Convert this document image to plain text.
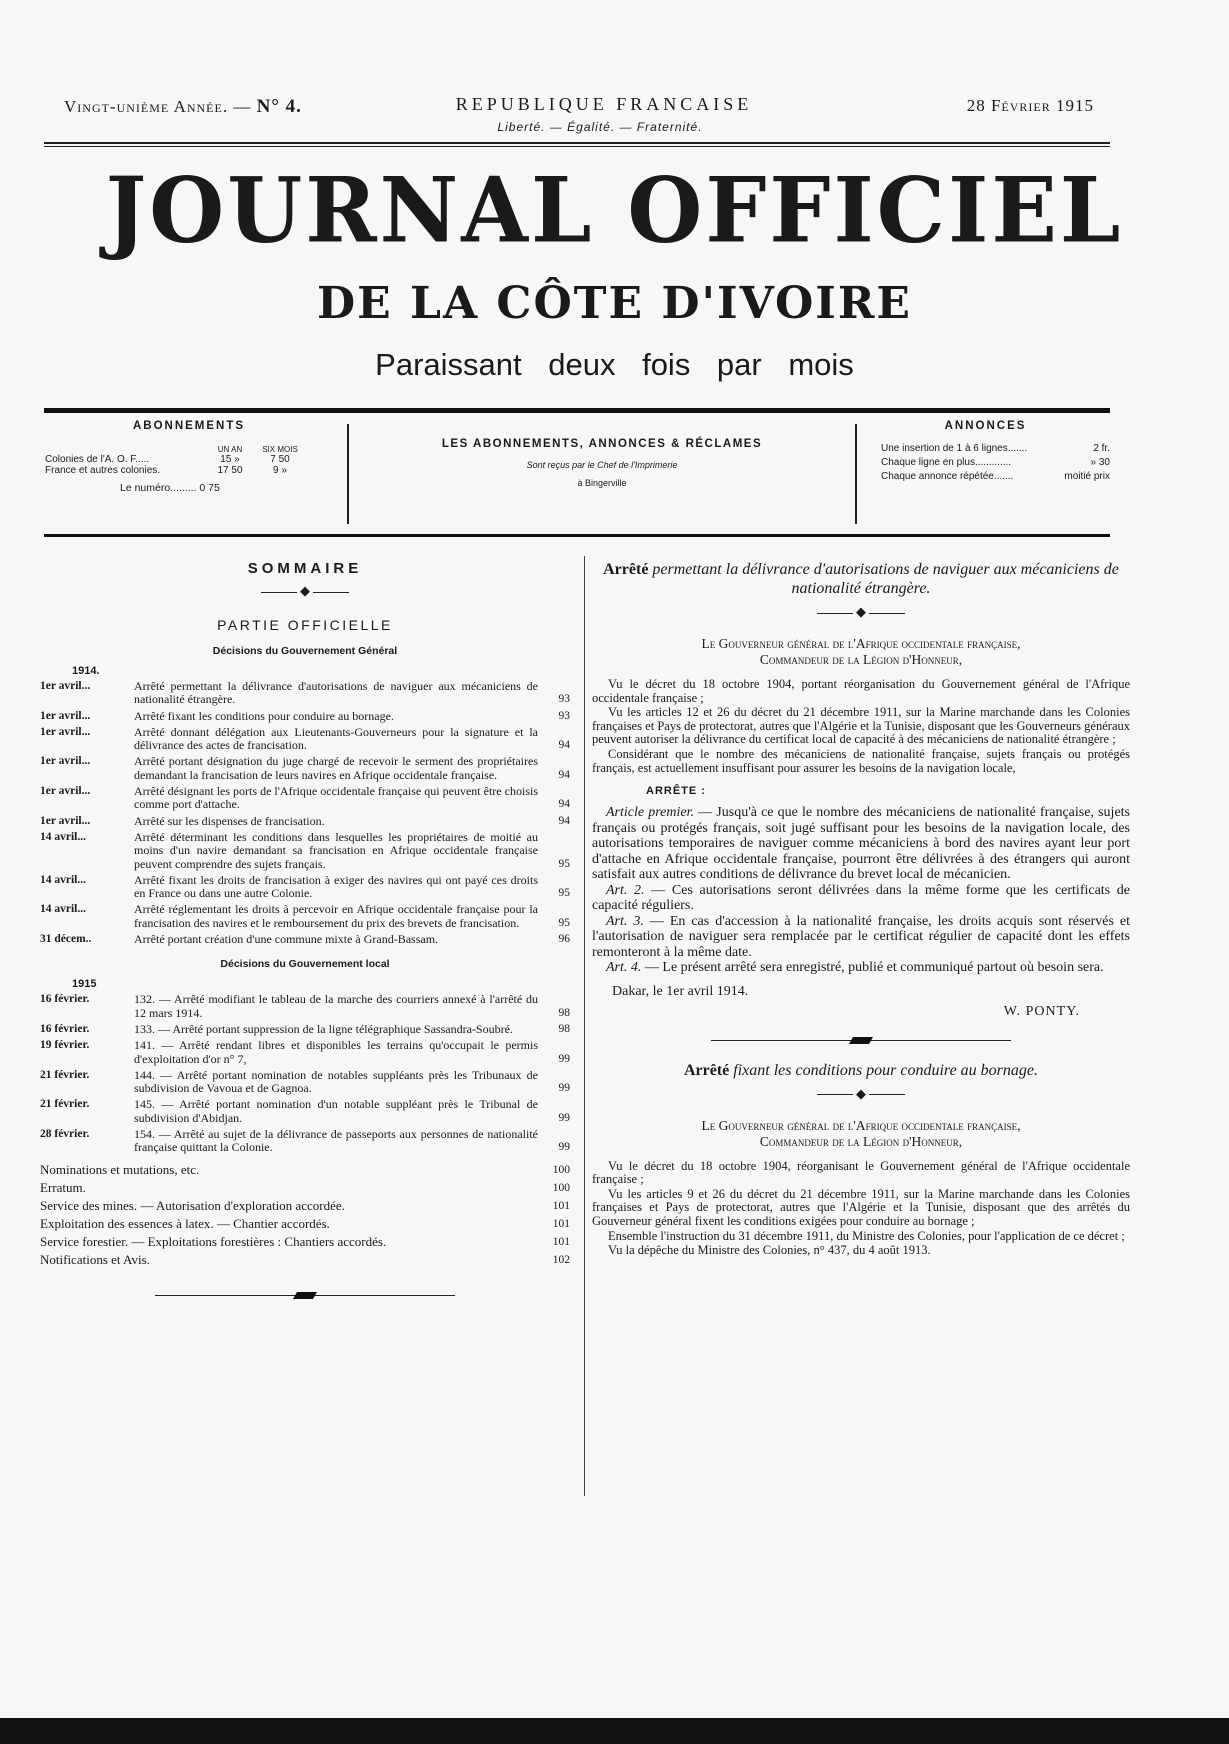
Vingt-unième Année. — N° 4.	REPUBLIQUE FRANCAISE	28 Février 1915
Liberté. — Égalité. — Fraternité.
JOURNAL OFFICIEL
DE LA CÔTE D'IVOIRE
Paraissant deux fois par mois
ABONNEMENTS
UN AN	SIX MOIS
Colonies de l'A. O. F.....	15 »	7 50
France et autres colonies.	17 50	9 »
Le numéro......... 0 75
LES ABONNEMENTS, ANNONCES & RÉCLAMES
Sont reçus par le Chef de l'Imprimerie
à Bingerville
ANNONCES
Une insertion de 1 à 6 lignes.......	2 fr.
Chaque ligne en plus.............	» 30
Chaque annonce répétée.......	moitié prix
SOMMAIRE
◆
PARTIE OFFICIELLE
Décisions du Gouvernement Général
1914.
1er avril...	Arrêté permettant la délivrance d'autorisations de naviguer aux mécaniciens de nationalité étrangère.	93
1er avril...	Arrêté fixant les conditions pour conduire au bornage.	93
1er avril...	Arrêté donnant délégation aux Lieutenants-Gouverneurs pour la signature et la délivrance des actes de francisation.	94
1er avril...	Arrêté portant désignation du juge chargé de recevoir le serment des propriétaires demandant la francisation de leurs navires en Afrique occidentale française.	94
1er avril...	Arrêté désignant les ports de l'Afrique occidentale française qui peuvent être choisis comme port d'attache.	94
1er avril...	Arrêté sur les dispenses de francisation.	94
14 avril...	Arrêté déterminant les conditions dans lesquelles les propriétaires de moitié au moins d'un navire demandant sa francisation en Afrique occidentale française peuvent comprendre des sujets français.	95
14 avril...	Arrêté fixant les droits de francisation à exiger des navires qui ont payé ces droits en France ou dans une autre Colonie.	95
14 avril...	Arrêté réglementant les droits à percevoir en Afrique occidentale française pour la francisation des navires et le remboursement du prix des brevets de francisation.	95
31 décem..	Arrêté portant création d'une commune mixte à Grand-Bassam.	96
Décisions du Gouvernement local
1915
16 février.	132. — Arrêté modifiant le tableau de la marche des courriers annexé à l'arrêté du 12 mars 1914.	98
16 février.	133. — Arrêté portant suppression de la ligne télégraphique Sassandra-Soubré.	98
19 février.	141. — Arrêté rendant libres et disponibles les terrains qu'occupait le permis d'exploitation d'or n° 7,	99
21 février.	144. — Arrêté portant nomination de notables suppléants près les Tribunaux de subdivision de Vavoua et de Gagnoa.	99
21 février.	145. — Arrêté portant nomination d'un notable suppléant près le Tribunal de subdivision d'Abidjan.	99
28 février.	154. — Arrêté au sujet de la délivrance de passeports aux personnes de nationalité française quittant la Colonie.	99
Nominations et mutations, etc.	100
Erratum.	100
Service des mines. — Autorisation d'exploration accordée.	101
Exploitation des essences à latex. — Chantier accordés.	101
Service forestier. — Exploitations forestières : Chantiers accordés.	101
Notifications et Avis.	102
Arrêté permettant la délivrance d'autorisations de naviguer aux mécaniciens de nationalité étrangère.
◆
Le Gouverneur général de l'Afrique occidentale française,
Commandeur de la Légion d'Honneur,

Vu le décret du 18 octobre 1904, portant réorganisation du Gouvernement général de l'Afrique occidentale française ;

Vu les articles 12 et 26 du décret du 21 décembre 1911, sur la Marine marchande dans les Colonies françaises et Pays de protectorat, autres que l'Algérie et la Tunisie, disposant que les Gouverneurs généraux peuvent autoriser la délivrance du certificat local de capacité à des mécaniciens de nationalité étrangère ;

Considérant que le nombre des mécaniciens de nationalité française, sujets français ou protégés français, est actuellement insuffisant pour assurer les besoins de la navigation locale,

ARRÊTE :

Article premier. — Jusqu'à ce que le nombre des mécaniciens de nationalité française, sujets français ou protégés français, soit jugé suffisant pour les besoins de la navigation locale, des autorisations temporaires de naviguer comme mécaniciens à bord des navires ayant leur port d'attache en Afrique occidentale française, pourront être délivrées à des étrangers qui auront satisfait aux autres conditions de délivrance du brevet local de mécanicien.

Art. 2. — Ces autorisations seront délivrées dans la même forme que les certificats de capacité réguliers.

Art. 3. — En cas d'accession à la nationalité française, les droits acquis sont réservés et l'autorisation de naviguer sera remplacée par le certificat régulier de capacité dont les effets remonteront à la même date.

Art. 4. — Le présent arrêté sera enregistré, publié et communiqué partout où besoin sera.

Dakar, le 1er avril 1914.
W. PONTY.
Arrêté fixant les conditions pour conduire au bornage.
◆
Le Gouverneur général de l'Afrique occidentale française,
Commandeur de la Légion d'Honneur,

Vu le décret du 18 octobre 1904, réorganisant le Gouvernement général de l'Afrique occidentale française ;

Vu les articles 9 et 26 du décret du 21 décembre 1911, sur la Marine marchande dans les Colonies françaises et Pays de protectorat, autres que l'Algérie et la Tunisie, disposant que des arrêtés du Gouverneur général fixent les conditions exigées pour conduire au bornage ;

Ensemble l'instruction du 31 décembre 1911, du Ministre des Colonies, pour l'application de ce décret ;

Vu la dépêche du Ministre des Colonies, n° 437, du 4 août 1913.
